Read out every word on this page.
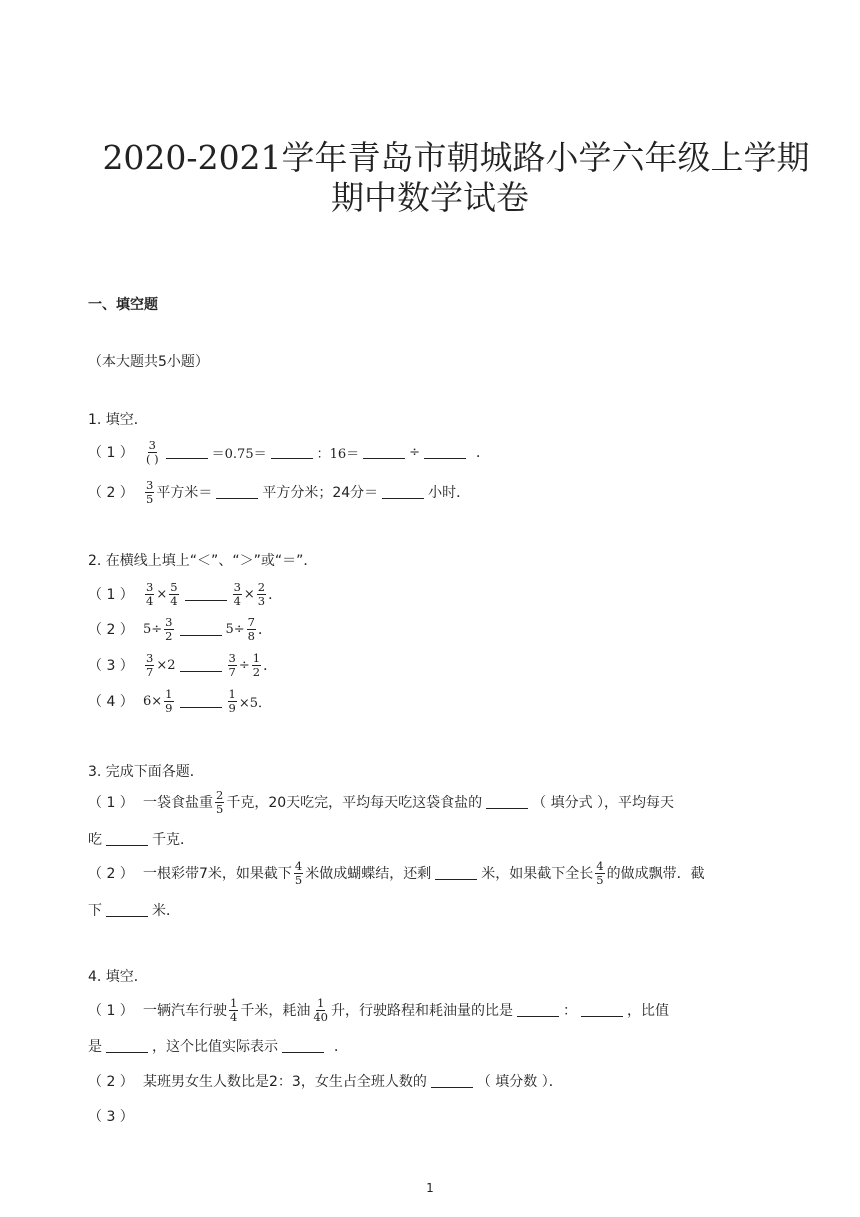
2020-2021学年青岛市朝城路小学六年级上学期
期中数学试卷
一、填空题
（本大题共5小题）
1. 填空．
（ 1 ） $\frac{3}{( )}$	＝0.75＝	：16＝	÷	．
（ 2 ） $\frac{3}{5}$ 平方米＝	平方分米；24分＝	小时．
2. 在横线上填上“＜”、“＞”或“＝”．
（ 1 ） $\frac{3}{4} \times \frac{5}{4}$	$\frac{3}{4} \times \frac{2}{3}$ ．
（ 2 ） $5\div \frac{3}{2}$	$5\div \frac{7}{8}$ ．
（ 3 ） $\frac{3}{7} \times 2$	$\frac{3}{7} \div \frac{1}{2}$ ．
（ 4 ） $6\times \frac{1}{9}$	$\frac{1}{9} \times 5$．
3. 完成下面各题．
（ 1 ） 一袋食盐重 $\frac{2}{5}$ 千克，20天吃完，平均每天吃这袋食盐的	（ 填分式 ），平均每天
吃	千克．
（ 2 ） 一根彩带7米，如果截下 $\frac{4}{5}$ 米做成蝴蝶结，还剩	米，如果截下全长 $\frac{4}{5}$ 的做成飘带．截
下	米．
4. 填空．
（ 1 ） 一辆汽车行驶 $\frac{1}{4}$ 千米，耗油 $\frac{1}{40}$ 升，行驶路程和耗油量的比是	：	，比值
是	，这个比值实际表示	．
（ 2 ） 某班男女生人数比是2：3，女生占全班人数的	（ 填分数 ）．
（ 3 ）
1
